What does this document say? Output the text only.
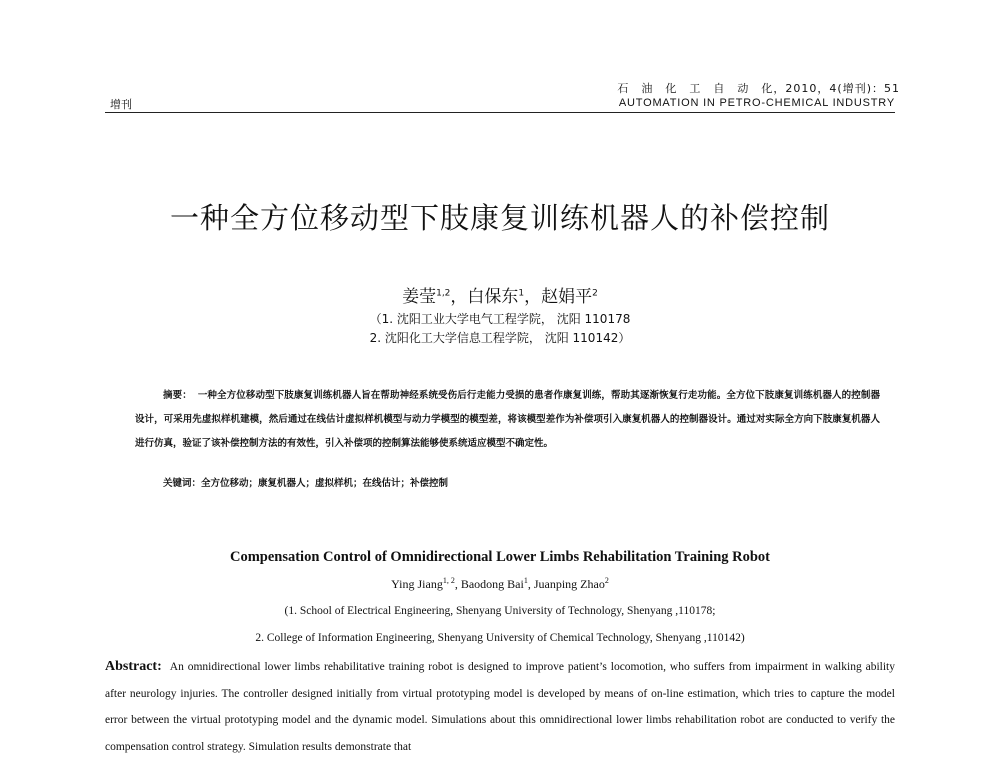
石　油　化　工　自　动　化，2010，4(增刊)：51
AUTOMATION IN PETRO-CHEMICAL INDUSTRY
增刊
一种全方位移动型下肢康复训练机器人的补偿控制
姜莹$^{1,2}$，白保东$^1$，赵娟平$^2$
（1. 沈阳工业大学电气工程学院， 沈阳 110178
2. 沈阳化工大学信息工程学院， 沈阳 110142）
摘要： 一种全方位移动型下肢康复训练机器人旨在帮助神经系统受伤后行走能力受损的患者作康复训练，帮助其逐渐恢复行走功能。全方位下肢康复训练机器人的控制器设计，可采用先虚拟样机建模，然后通过在线估计虚拟样机模型与动力学模型的模型差，将该模型差作为补偿项引入康复机器人的控制器设计。通过对实际全方向下肢康复机器人进行仿真，验证了该补偿控制方法的有效性，引入补偿项的控制算法能够使系统适应模型不确定性。
关键词：全方位移动；康复机器人；虚拟样机；在线估计；补偿控制
Compensation Control of Omnidirectional Lower Limbs Rehabilitation Training Robot
Ying Jiang$^{1, 2}$, Baodong Bai$^1$, Juanping Zhao$^2$
(1. School of Electrical Engineering, Shenyang University of Technology, Shenyang ,110178;
2. College of Information Engineering, Shenyang University of Chemical Technology, Shenyang ,110142)
Abstract: An omnidirectional lower limbs rehabilitative training robot is designed to improve patient’s locomotion, who suffers from impairment in walking ability after neurology injuries. The controller designed initially from virtual prototyping model is developed by means of on-line estimation, which tries to capture the model error between the virtual prototyping model and the dynamic model. Simulations about this omnidirectional lower limbs rehabilitation robot are conducted to verify the compensation control strategy. Simulation results demonstrate that
